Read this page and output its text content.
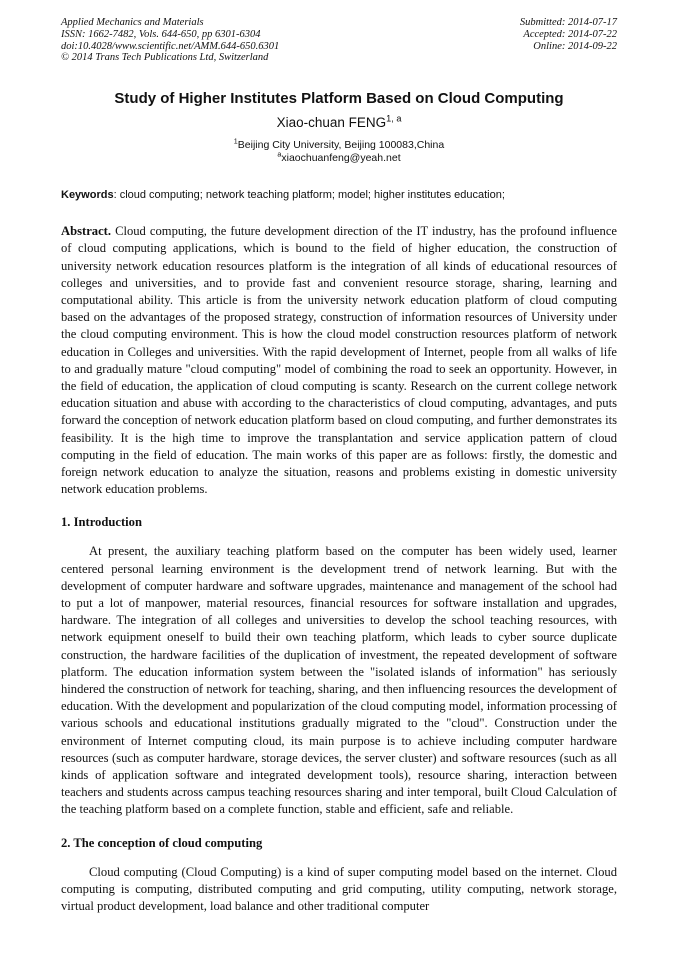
Applied Mechanics and Materials
ISSN: 1662-7482, Vols. 644-650, pp 6301-6304
doi:10.4028/www.scientific.net/AMM.644-650.6301
© 2014 Trans Tech Publications Ltd, Switzerland
Submitted: 2014-07-17
Accepted: 2014-07-22
Online: 2014-09-22
Study of Higher Institutes Platform Based on Cloud Computing
Xiao-chuan FENG$^{1, a}$
$^1$Beijing City University, Beijing 100083,China
$^a$xiaochuanfeng@yeah.net

Keywords: cloud computing; network teaching platform; model; higher institutes education;

Abstract. Cloud computing, the future development direction of the IT industry, has the profound influence of cloud computing applications, which is bound to the field of higher education, the construction of university network education resources platform is the integration of all kinds of educational resources of colleges and universities, and to provide fast and convenient resource storage, sharing, learning and computational ability. This article is from the university network education platform of cloud computing based on the advantages of the proposed strategy, construction of information resources of University under the cloud computing environment. This is how the cloud model construction resources platform of network education in Colleges and universities. With the rapid development of Internet, people from all walks of life to and gradually mature "cloud computing" model of combining the road to seek an opportunity. However, in the field of education, the application of cloud computing is scanty. Research on the current college network education situation and abuse with according to the characteristics of cloud computing, advantages, and puts forward the conception of network education platform based on cloud computing, and further demonstrates its feasibility. It is the high time to improve the transplantation and service application pattern of cloud computing in the field of education. The main works of this paper are as follows: firstly, the domestic and foreign network education to analyze the situation, reasons and problems existing in domestic university network education problems.

1. Introduction

At present, the auxiliary teaching platform based on the computer has been widely used, learner centered personal learning environment is the development trend of network learning. But with the development of computer hardware and software upgrades, maintenance and management of the school had to put a lot of manpower, material resources, financial resources for software installation and upgrades, hardware. The integration of all colleges and universities to develop the school teaching resources, with network equipment oneself to build their own teaching platform, which leads to cyber source duplicate construction, the hardware facilities of the duplication of investment, the repeated development of software platform. The education information system between the "isolated islands of information" has seriously hindered the construction of network for teaching, sharing, and then influencing resources the development of education. With the development and popularization of the cloud computing model, information processing of various schools and educational institutions gradually migrated to the "cloud". Construction under the environment of Internet computing cloud, its main purpose is to achieve including computer hardware resources (such as computer hardware, storage devices, the server cluster) and software resources (such as all kinds of application software and integrated development tools), resource sharing, interaction between teachers and students across campus teaching resources sharing and inter temporal, built Cloud Calculation of the teaching platform based on a complete function, stable and efficient, safe and reliable.

2. The conception of cloud computing

Cloud computing (Cloud Computing) is a kind of super computing model based on the internet. Cloud computing is computing, distributed computing and grid computing, utility computing, network storage, virtual product development, load balance and other traditional computer
